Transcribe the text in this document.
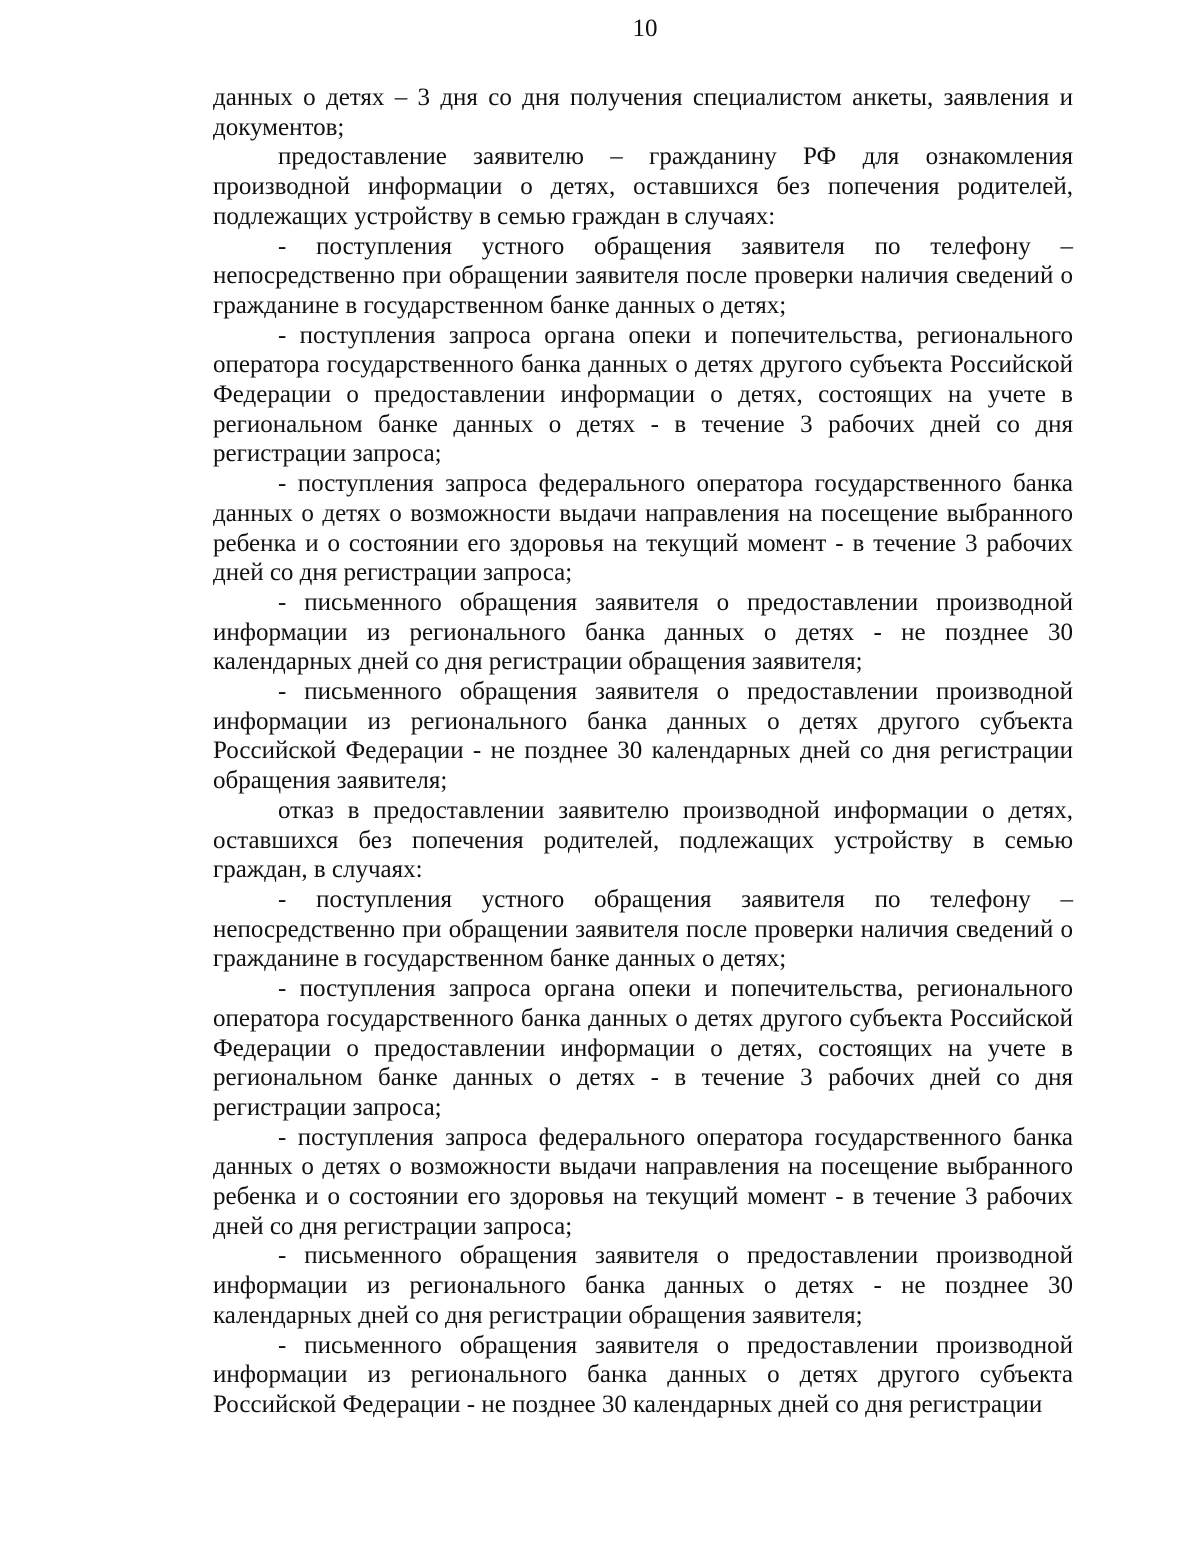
10

данных о детях – 3 дня со дня получения специалистом анкеты, заявления и документов;

предоставление заявителю – гражданину РФ для ознакомления производной информации о детях, оставшихся без попечения родителей, подлежащих устройству в семью граждан в случаях:

- поступления устного обращения заявителя по телефону – непосредственно при обращении заявителя после проверки наличия сведений о гражданине в государственном банке данных о детях;

- поступления запроса органа опеки и попечительства, регионального оператора государственного банка данных о детях другого субъекта Российской Федерации о предоставлении информации о детях, состоящих на учете в региональном банке данных о детях - в течение 3 рабочих дней со дня регистрации запроса;

- поступления запроса федерального оператора государственного банка данных о детях о возможности выдачи направления на посещение выбранного ребенка и о состоянии его здоровья на текущий момент - в течение 3 рабочих дней со дня регистрации запроса;

- письменного обращения заявителя о предоставлении производной информации из регионального банка данных о детях - не позднее 30 календарных дней со дня регистрации обращения заявителя;

- письменного обращения заявителя о предоставлении производной информации из регионального банка данных о детях другого субъекта Российской Федерации - не позднее 30 календарных дней со дня регистрации обращения заявителя;

отказ в предоставлении заявителю производной информации о детях, оставшихся без попечения родителей, подлежащих устройству в семью граждан, в случаях:

- поступления устного обращения заявителя по телефону – непосредственно при обращении заявителя после проверки наличия сведений о гражданине в государственном банке данных о детях;

- поступления запроса органа опеки и попечительства, регионального оператора государственного банка данных о детях другого субъекта Российской Федерации о предоставлении информации о детях, состоящих на учете в региональном банке данных о детях - в течение 3 рабочих дней со дня регистрации запроса;

- поступления запроса федерального оператора государственного банка данных о детях о возможности выдачи направления на посещение выбранного ребенка и о состоянии его здоровья на текущий момент - в течение 3 рабочих дней со дня регистрации запроса;

- письменного обращения заявителя о предоставлении производной информации из регионального банка данных о детях - не позднее 30 календарных дней со дня регистрации обращения заявителя;

- письменного обращения заявителя о предоставлении производной информации из регионального банка данных о детях другого субъекта Российской Федерации - не позднее 30 календарных дней со дня регистрации
